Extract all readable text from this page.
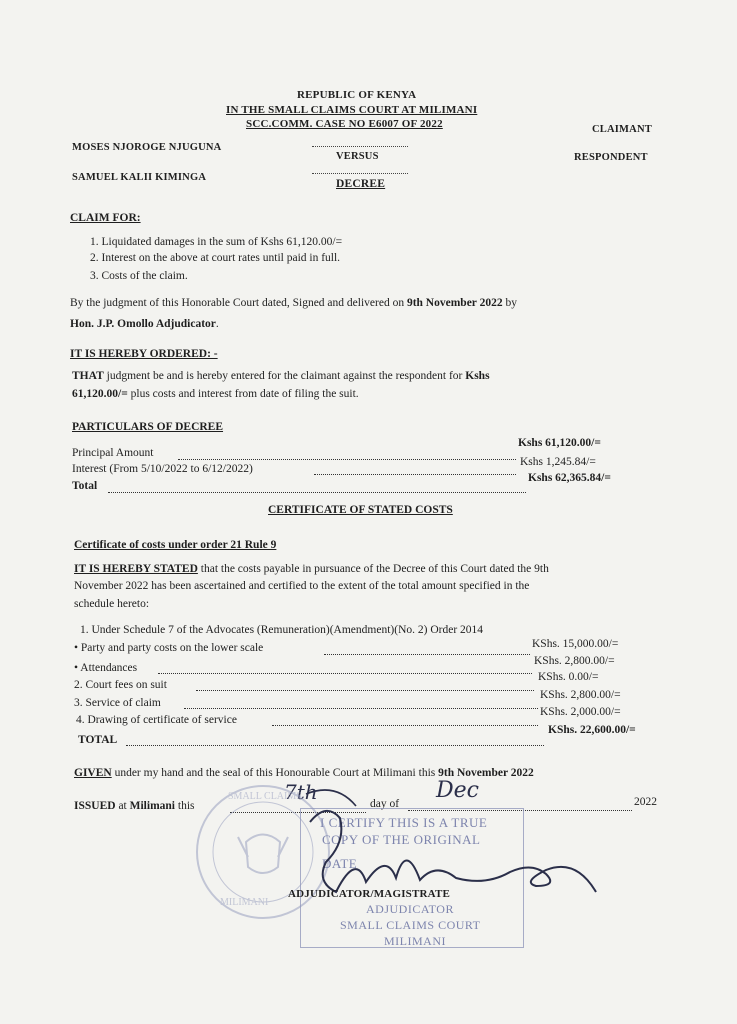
REPUBLIC OF KENYA
IN THE SMALL CLAIMS COURT AT MILIMANI
SCC.COMM. CASE NO E6007 OF 2022
MOSES NJOROGE NJUGUNA
CLAIMANT
VERSUS	RESPONDENT
SAMUEL KALII KIMINGA
DECREE
CLAIM FOR:
1. Liquidated damages in the sum of Kshs 61,120.00/=
2. Interest on the above at court rates until paid in full.
3. Costs of the claim.
By the judgment of this Honorable Court dated, Signed and delivered on 9th November 2022 by
Hon. J.P. Omollo Adjudicator.
IT IS HEREBY ORDERED: -
THAT judgment be and is hereby entered for the claimant against the respondent for Kshs
61,120.00/= plus costs and interest from date of filing the suit.
PARTICULARS OF DECREE
Principal Amount
Kshs 61,120.00/=
Interest (From 5/10/2022 to 6/12/2022)
Kshs 1,245.84/=
Total
Kshs 62,365.84/=
CERTIFICATE OF STATED COSTS
Certificate of costs under order 21 Rule 9
IT IS HEREBY STATED that the costs payable in pursuance of the Decree of this Court dated the 9th
November 2022 has been ascertained and certified to the extent of the total amount specified in the
schedule hereto:
1. Under Schedule 7 of the Advocates (Remuneration)(Amendment)(No. 2) Order 2014
• Party and party costs on the lower scale	KShs. 15,000.00/=
• Attendances
KShs. 2,800.00/=
2. Court fees on suit
KShs. 0.00/=
3. Service of claim
KShs. 2,800.00/=
4. Drawing of certificate of service
KShs. 2,000.00/=
TOTAL
KShs. 22,600.00/=
GIVEN under my hand and the seal of this Honourable Court at Milimani this 9th November 2022
ISSUED at Milimani this
7th	day of
Dec	2022
SMALL CLAIMS
MILIMANI
I CERTIFY THIS IS A TRUE
COPY OF THE ORIGINAL
DATE
ADJUDICATOR
SMALL CLAIMS COURT
MILIMANI
ADJUDICATOR/MAGISTRATE
